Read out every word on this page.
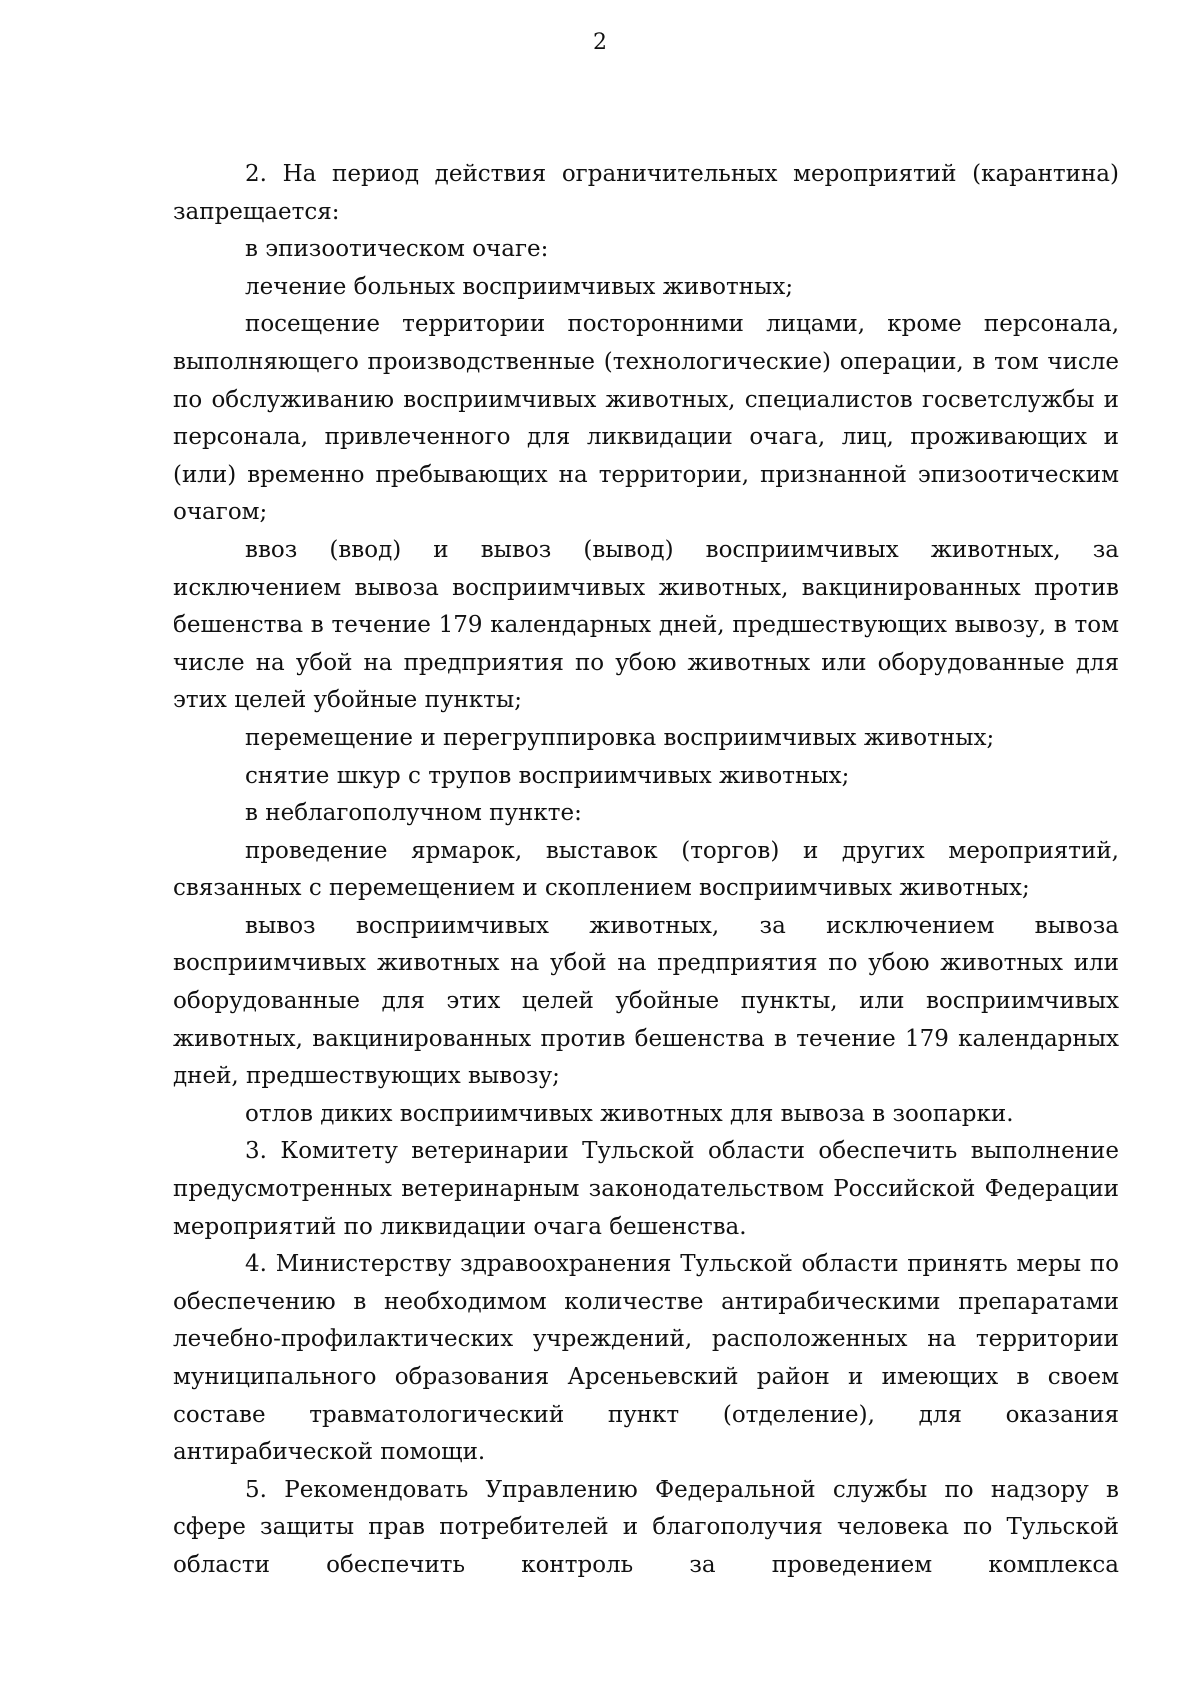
2

2. На период действия ограничительных мероприятий (карантина) запрещается:

в эпизоотическом очаге:

лечение больных восприимчивых животных;

посещение территории посторонними лицами, кроме персонала, выполняющего производственные (технологические) операции, в том числе по обслуживанию восприимчивых животных, специалистов госветслужбы и персонала, привлеченного для ликвидации очага, лиц, проживающих и (или) временно пребывающих на территории, признанной эпизоотическим очагом;

ввоз (ввод) и вывоз (вывод) восприимчивых животных, за исключением вывоза восприимчивых животных, вакцинированных против бешенства в течение 179 календарных дней, предшествующих вывозу, в том числе на убой на предприятия по убою животных или оборудованные для этих целей убойные пункты;

перемещение и перегруппировка восприимчивых животных;

снятие шкур с трупов восприимчивых животных;

в неблагополучном пункте:

проведение ярмарок, выставок (торгов) и других мероприятий, связанных с перемещением и скоплением восприимчивых животных;

вывоз восприимчивых животных, за исключением вывоза восприимчивых животных на убой на предприятия по убою животных или оборудованные для этих целей убойные пункты, или восприимчивых животных, вакцинированных против бешенства в течение 179 календарных дней, предшествующих вывозу;

отлов диких восприимчивых животных для вывоза в зоопарки.

3. Комитету ветеринарии Тульской области обеспечить выполнение предусмотренных ветеринарным законодательством Российской Федерации мероприятий по ликвидации очага бешенства.

4. Министерству здравоохранения Тульской области принять меры по обеспечению в необходимом количестве антирабическими препаратами лечебно-профилактических учреждений, расположенных на территории муниципального образования Арсеньевский район и имеющих в своем составе травматологический пункт (отделение), для оказания антирабической помощи.

5. Рекомендовать Управлению Федеральной службы по надзору в сфере защиты прав потребителей и благополучия человека по Тульской области обеспечить контроль за проведением комплекса
